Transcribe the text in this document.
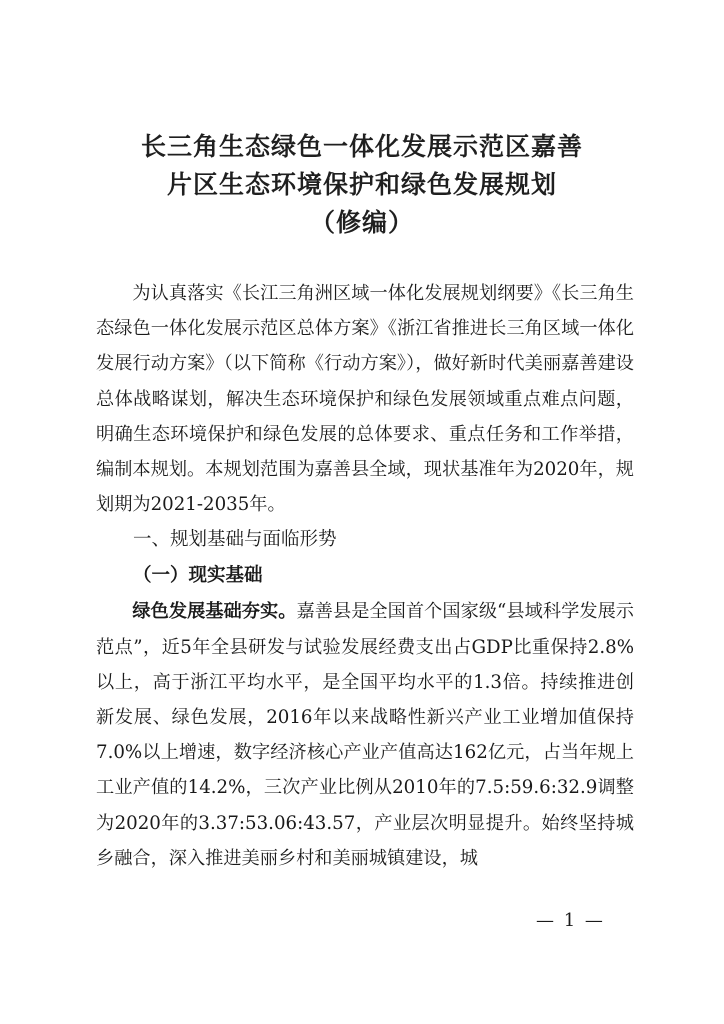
长三角生态绿色一体化发展示范区嘉善
片区生态环境保护和绿色发展规划
（修编）

为认真落实《长江三角洲区域一体化发展规划纲要》《长三角生态绿色一体化发展示范区总体方案》《浙江省推进长三角区域一体化发展行动方案》（以下简称《行动方案》），做好新时代美丽嘉善建设总体战略谋划，解决生态环境保护和绿色发展领域重点难点问题，明确生态环境保护和绿色发展的总体要求、重点任务和工作举措，编制本规划。本规划范围为嘉善县全域，现状基准年为2020年，规划期为2021-2035年。

一、规划基础与面临形势

（一）现实基础

绿色发展基础夯实。嘉善县是全国首个国家级“县域科学发展示范点”，近5年全县研发与试验发展经费支出占GDP比重保持2.8%以上，高于浙江平均水平，是全国平均水平的1.3倍。持续推进创新发展、绿色发展，2016年以来战略性新兴产业工业增加值保持7.0%以上增速，数字经济核心产业产值高达162亿元，占当年规上工业产值的14.2%，三次产业比例从2010年的7.5:59.6:32.9调整为2020年的3.37:53.06:43.57，产业层次明显提升。始终坚持城乡融合，深入推进美丽乡村和美丽城镇建设，城

— 1 —
